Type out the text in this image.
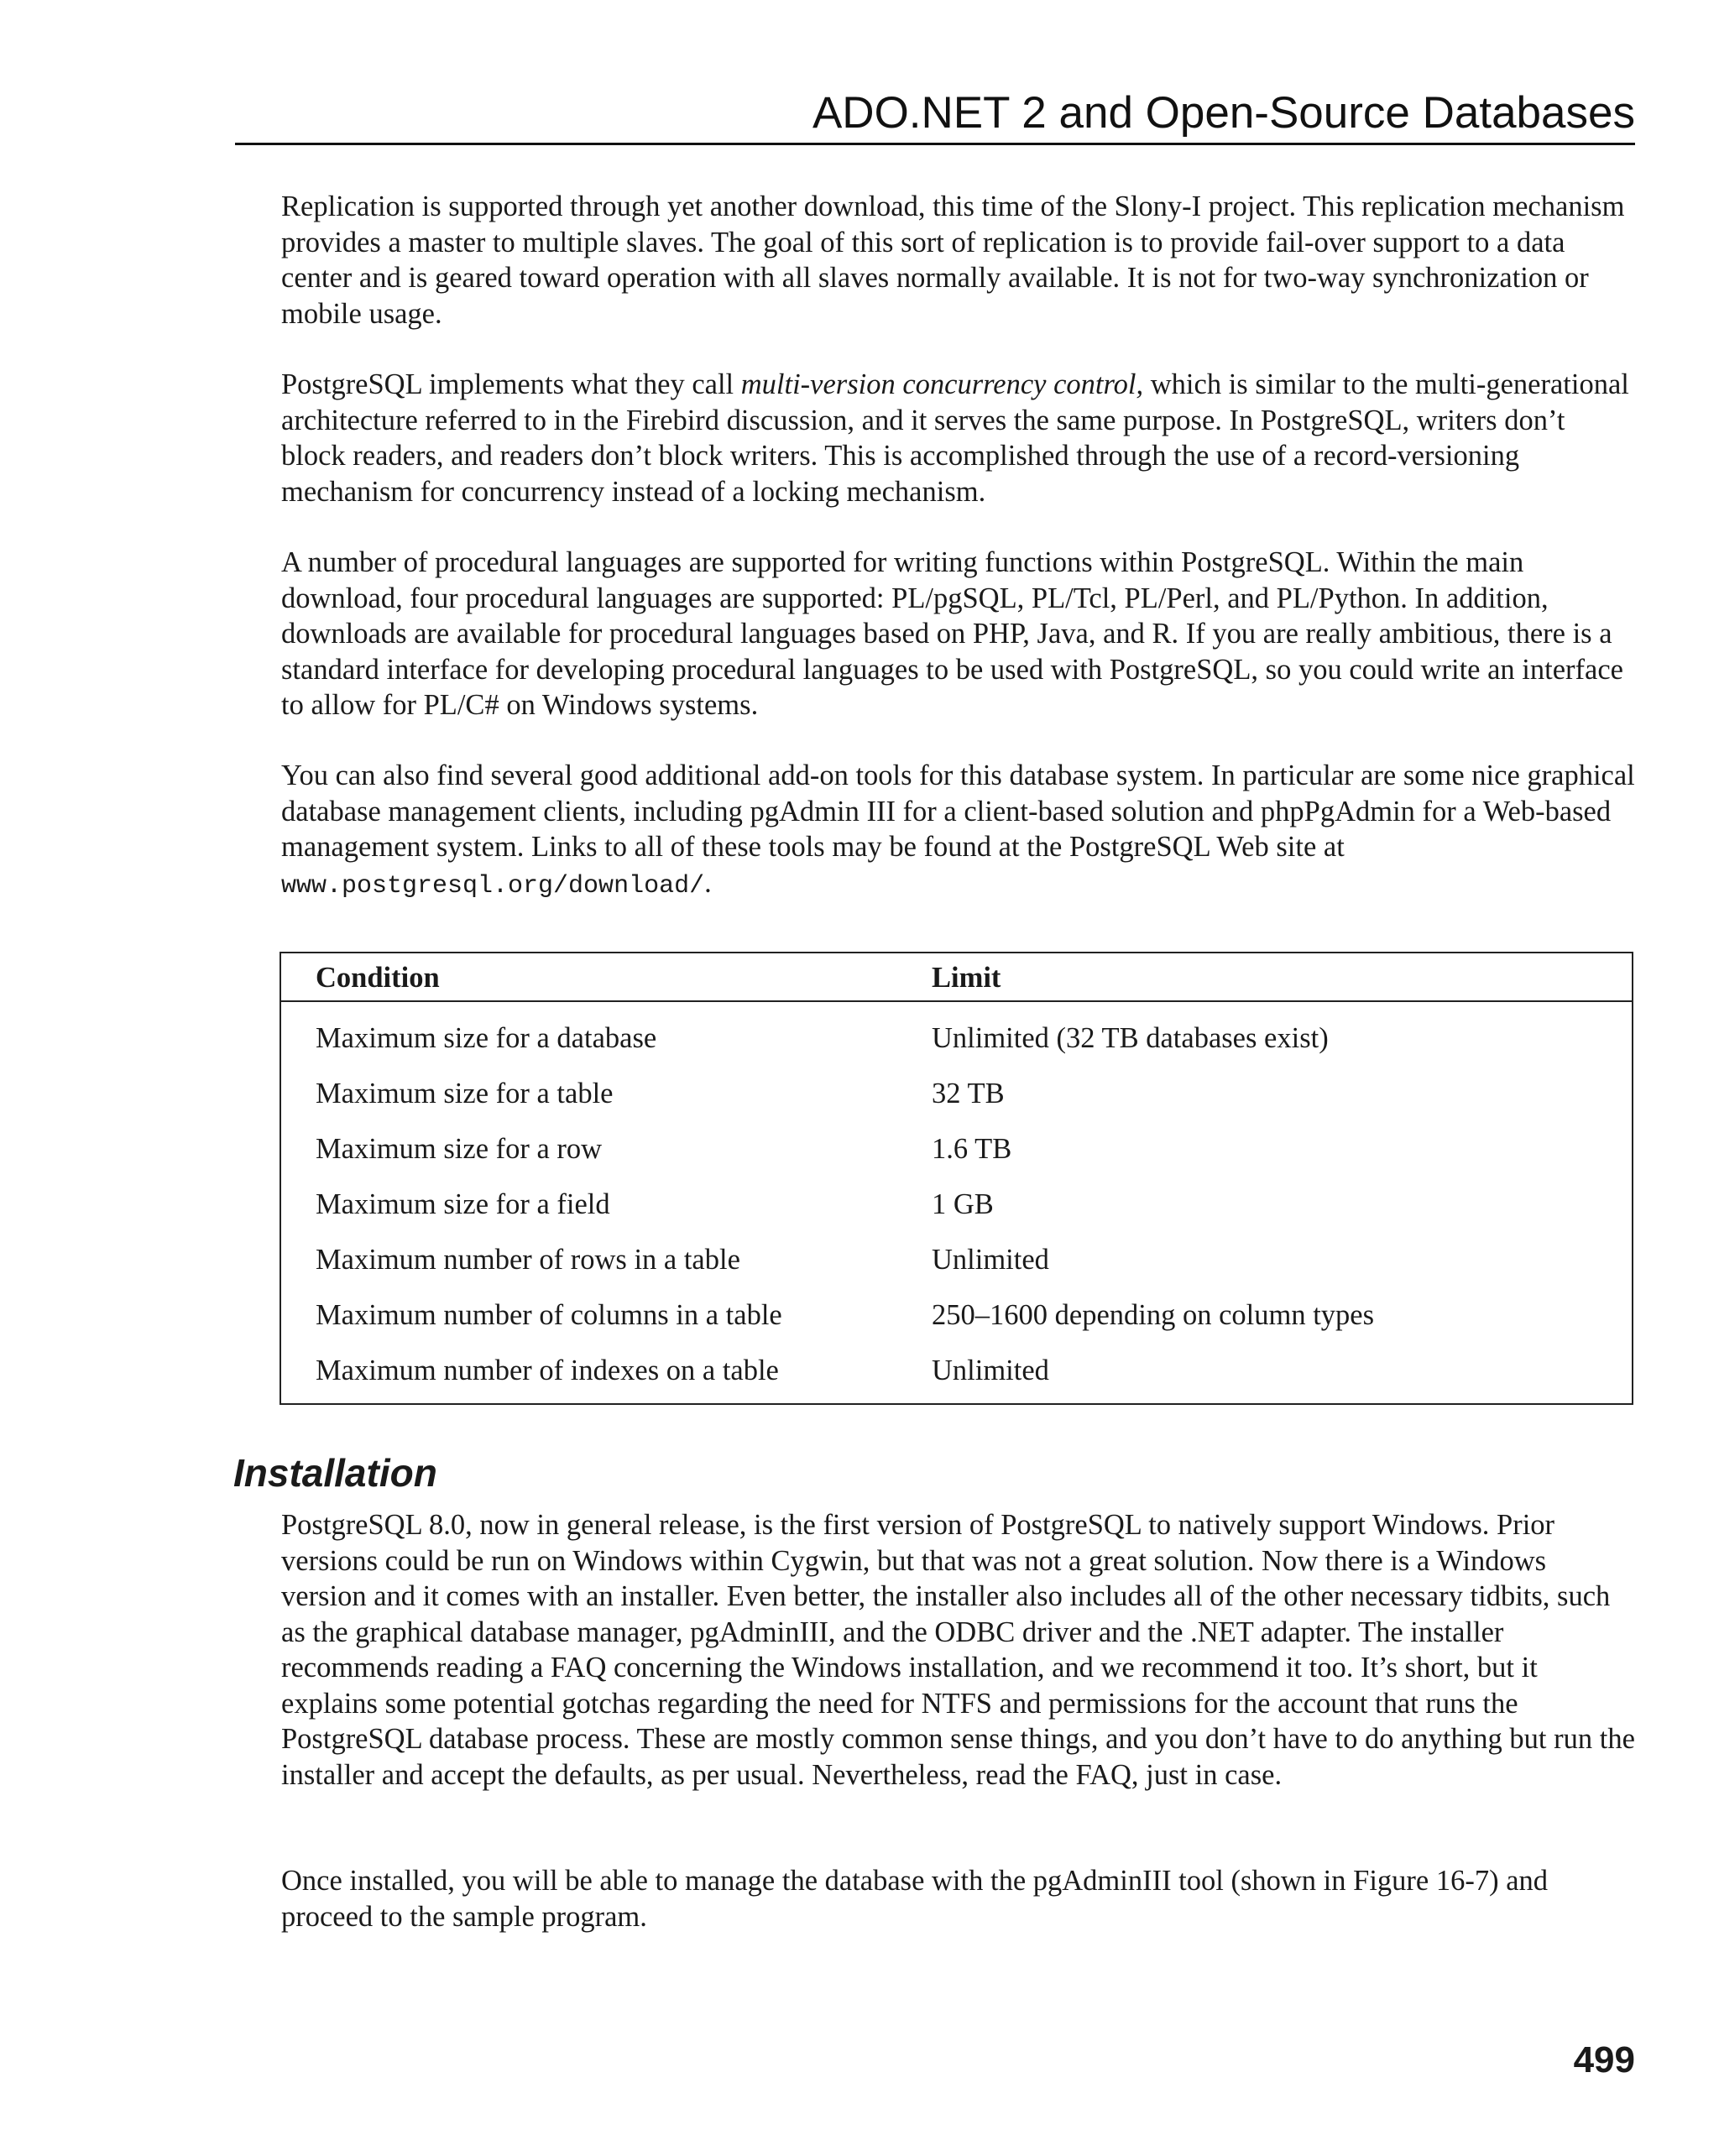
ADO.NET 2 and Open-Source Databases

Replication is supported through yet another download, this time of the Slony-I project. This replication mechanism provides a master to multiple slaves. The goal of this sort of replication is to provide fail-over support to a data center and is geared toward operation with all slaves normally available. It is not for two-way synchronization or mobile usage.

PostgreSQL implements what they call multi-version concurrency control, which is similar to the multi-generational architecture referred to in the Firebird discussion, and it serves the same purpose. In PostgreSQL, writers don’t block readers, and readers don’t block writers. This is accomplished through the use of a record-versioning mechanism for concurrency instead of a locking mechanism.

A number of procedural languages are supported for writing functions within PostgreSQL. Within the main download, four procedural languages are supported: PL/pgSQL, PL/Tcl, PL/Perl, and PL/Python. In addition, downloads are available for procedural languages based on PHP, Java, and R. If you are really ambitious, there is a standard interface for developing procedural languages to be used with PostgreSQL, so you could write an interface to allow for PL/C# on Windows systems.

You can also find several good additional add-on tools for this database system. In particular are some nice graphical database management clients, including pgAdmin III for a client-based solution and phpPgAdmin for a Web-based management system. Links to all of these tools may be found at the PostgreSQL Web site at www.postgresql.org/download/.

Condition	Limit
Maximum size for a database	Unlimited (32 TB databases exist)
Maximum size for a table	32 TB
Maximum size for a row	1.6 TB
Maximum size for a field	1 GB
Maximum number of rows in a table	Unlimited
Maximum number of columns in a table	250–1600 depending on column types
Maximum number of indexes on a table	Unlimited
Installation

PostgreSQL 8.0, now in general release, is the first version of PostgreSQL to natively support Windows. Prior versions could be run on Windows within Cygwin, but that was not a great solution. Now there is a Windows version and it comes with an installer. Even better, the installer also includes all of the other necessary tidbits, such as the graphical database manager, pgAdminIII, and the ODBC driver and the .NET adapter. The installer recommends reading a FAQ concerning the Windows installation, and we recommend it too. It’s short, but it explains some potential gotchas regarding the need for NTFS and permissions for the account that runs the PostgreSQL database process. These are mostly common sense things, and you don’t have to do anything but run the installer and accept the defaults, as per usual. Nevertheless, read the FAQ, just in case.

Once installed, you will be able to manage the database with the pgAdminIII tool (shown in Figure 16-7) and proceed to the sample program.

499
